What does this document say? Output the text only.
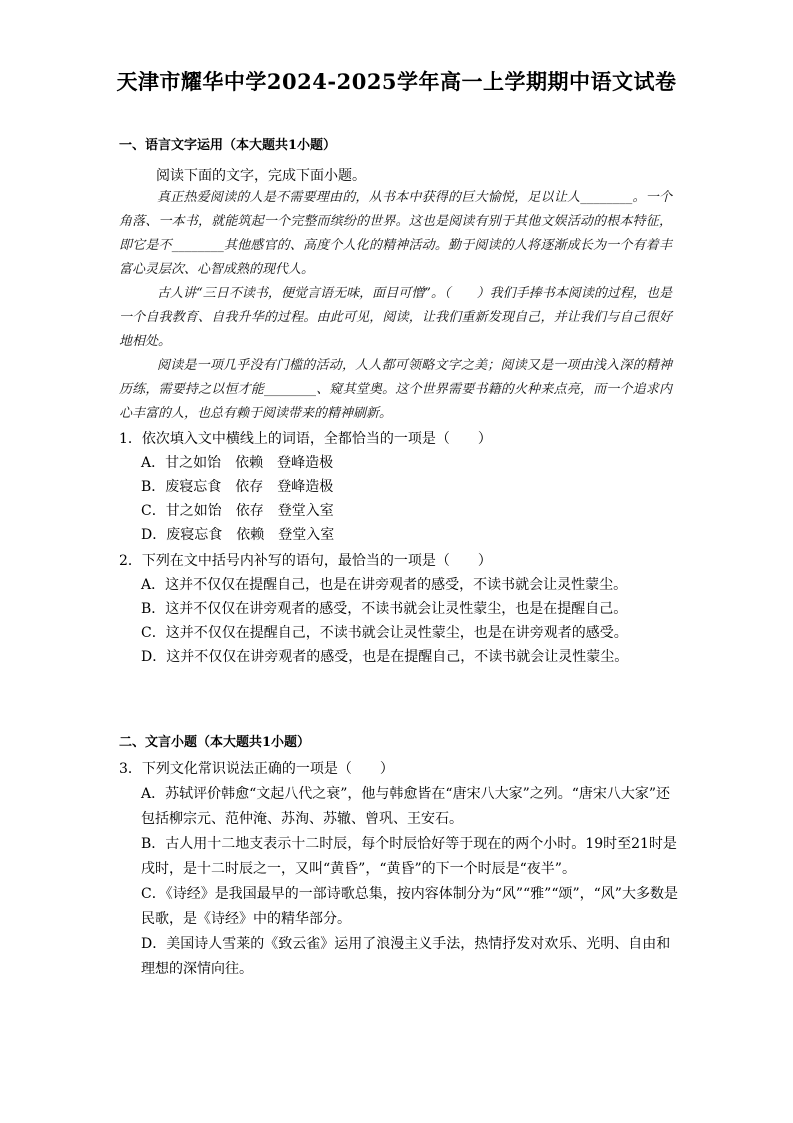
天津市耀华中学2024-2025学年高一上学期期中语文试卷
一、语言文字运用（本大题共1小题）
阅读下面的文字，完成下面小题。

真正热爱阅读的人是不需要理由的，从书本中获得的巨大愉悦，足以让人________。一个角落、一本书，就能筑起一个完整而缤纷的世界。这也是阅读有别于其他文娱活动的根本特征，即它是不________其他感官的、高度个人化的精神活动。勤于阅读的人将逐渐成长为一个有着丰富心灵层次、心智成熟的现代人。

古人讲“三日不读书，便觉言语无味，面目可憎”。（　　）我们手捧书本阅读的过程，也是一个自我教育、自我升华的过程。由此可见，阅读，让我们重新发现自己，并让我们与自己很好地相处。

阅读是一项几乎没有门槛的活动，人人都可领略文字之美；阅读又是一项由浅入深的精神历练，需要持之以恒才能________、窥其堂奥。这个世界需要书籍的火种来点亮，而一个追求内心丰富的人，也总有赖于阅读带来的精神刷新。

1．依次填入文中横线上的词语，全都恰当的一项是（　　）

A．甘之如饴 依赖 登峰造极

B．废寝忘食 依存 登峰造极

C．甘之如饴 依存 登堂入室

D．废寝忘食 依赖 登堂入室

2．下列在文中括号内补写的语句，最恰当的一项是（　　）

A．这并不仅仅在提醒自己，也是在讲旁观者的感受，不读书就会让灵性蒙尘。

B．这并不仅仅在讲旁观者的感受，不读书就会让灵性蒙尘，也是在提醒自己。

C．这并不仅仅在提醒自己，不读书就会让灵性蒙尘，也是在讲旁观者的感受。

D．这并不仅仅在讲旁观者的感受，也是在提醒自己，不读书就会让灵性蒙尘。

二、文言小题（本大题共1小题）

3．下列文化常识说法正确的一项是（　　）

A．苏轼评价韩愈“文起八代之衰”，他与韩愈皆在“唐宋八大家”之列。“唐宋八大家”还包括柳宗元、范仲淹、苏洵、苏辙、曾巩、王安石。

B．古人用十二地支表示十二时辰，每个时辰恰好等于现在的两个小时。19时至21时是戌时，是十二时辰之一，又叫“黄昏”，“黄昏”的下一个时辰是“夜半”。

C．《诗经》是我国最早的一部诗歌总集，按内容体制分为“风”“雅”“颂”，“风”大多数是民歌，是《诗经》中的精华部分。

D．美国诗人雪莱的《致云雀》运用了浪漫主义手法，热情抒发对欢乐、光明、自由和理想的深情向往。
